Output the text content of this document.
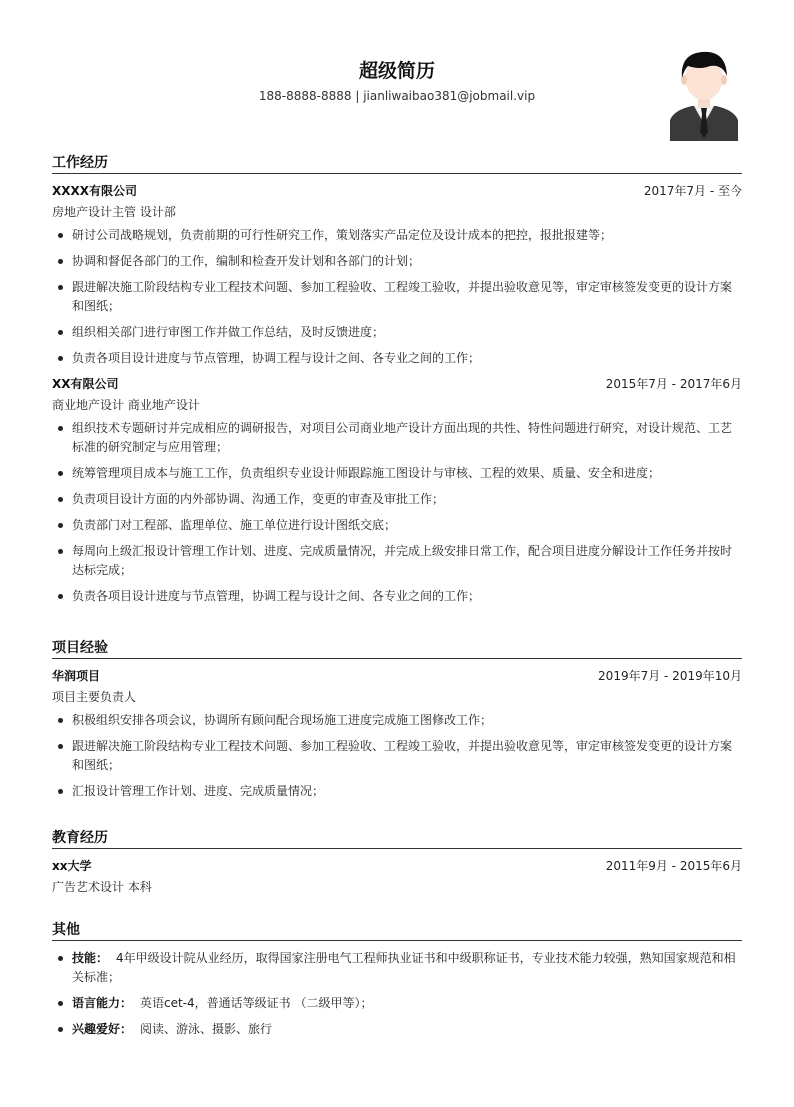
超级简历
188-8888-8888 | jianliwaibao381@jobmail.vip
工作经历
XXXX有限公司	2017年7月 - 至今
房地产设计主管 设计部
研讨公司战略规划，负责前期的可行性研究工作，策划落实产品定位及设计成本的把控，报批报建等；
协调和督促各部门的工作，编制和检查开发计划和各部门的计划；
跟进解决施工阶段结构专业工程技术问题、参加工程验收、工程竣工验收，并提出验收意见等，审定审核签发变更的设计方案和图纸；
组织相关部门进行审图工作并做工作总结，及时反馈进度；
负责各项目设计进度与节点管理，协调工程与设计之间、各专业之间的工作；
XX有限公司	2015年7月 - 2017年6月
商业地产设计 商业地产设计
组织技术专题研讨并完成相应的调研报告，对项目公司商业地产设计方面出现的共性、特性问题进行研究，对设计规范、工艺标准的研究制定与应用管理；
统筹管理项目成本与施工工作，负责组织专业设计师跟踪施工图设计与审核、工程的效果、质量、安全和进度；
负责项目设计方面的内外部协调、沟通工作，变更的审查及审批工作；
负责部门对工程部、监理单位、施工单位进行设计图纸交底；
每周向上级汇报设计管理工作计划、进度、完成质量情况，并完成上级安排日常工作，配合项目进度分解设计工作任务并按时达标完成；
负责各项目设计进度与节点管理，协调工程与设计之间、各专业之间的工作；
项目经验
华润项目	2019年7月 - 2019年10月
项目主要负责人
积极组织安排各项会议，协调所有顾问配合现场施工进度完成施工图修改工作；
跟进解决施工阶段结构专业工程技术问题、参加工程验收、工程竣工验收，并提出验收意见等，审定审核签发变更的设计方案和图纸；
汇报设计管理工作计划、进度、完成质量情况；
教育经历
xx大学	2011年9月 - 2015年6月
广告艺术设计 本科
其他
技能： 4年甲级设计院从业经历，取得国家注册电气工程师执业证书和中级职称证书，专业技术能力较强，熟知国家规范和相关标准；
语言能力： 英语cet-4，普通话等级证书 （二级甲等）；
兴趣爱好： 阅读、游泳、摄影、旅行
